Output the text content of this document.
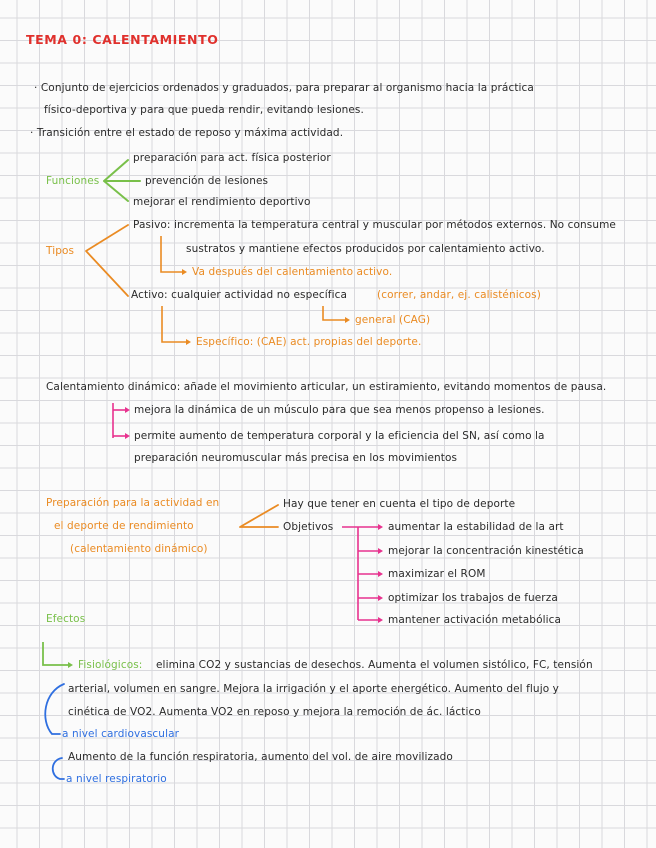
TEMA 0: CALENTAMIENTO
· Conjunto de ejercicios ordenados y graduados, para preparar al organismo hacia la práctica
físico-deportiva y para que pueda rendir, evitando lesiones.
· Transición entre el estado de reposo y máxima actividad.
Funciones
preparación para act. física posterior
prevención de lesiones
mejorar el rendimiento deportivo
Tipos
Pasivo: incrementa la temperatura central y muscular por métodos externos. No consume
sustratos y mantiene efectos producidos por calentamiento activo.
Va después del calentamiento activo.
Activo: cualquier actividad no específica	(correr, andar, ej. calisténicos)
general (CAG)
Específico: (CAE) act. propias del deporte.
Calentamiento dinámico: añade el movimiento articular, un estiramiento, evitando momentos de pausa.
mejora la dinámica de un músculo para que sea menos propenso a lesiones.
permite aumento de temperatura corporal y la eficiencia del SN, así como la
preparación neuromuscular más precisa en los movimientos
Preparación para la actividad en
el deporte de rendimiento
(calentamiento dinámico)
Hay que tener en cuenta el tipo de deporte
Objetivos	aumentar la estabilidad de la art
mejorar la concentración kinestética
maximizar el ROM
optimizar los trabajos de fuerza
mantener activación metabólica
Efectos
Fisiológicos: elimina CO2 y sustancias de desechos. Aumenta el volumen sistólico, FC, tensión
arterial, volumen en sangre. Mejora la irrigación y el aporte energético. Aumento del flujo y
cinética de VO2. Aumenta VO2 en reposo y mejora la remoción de ác. láctico
a nivel cardiovascular
Aumento de la función respiratoria, aumento del vol. de aire movilizado
a nivel respiratorio
